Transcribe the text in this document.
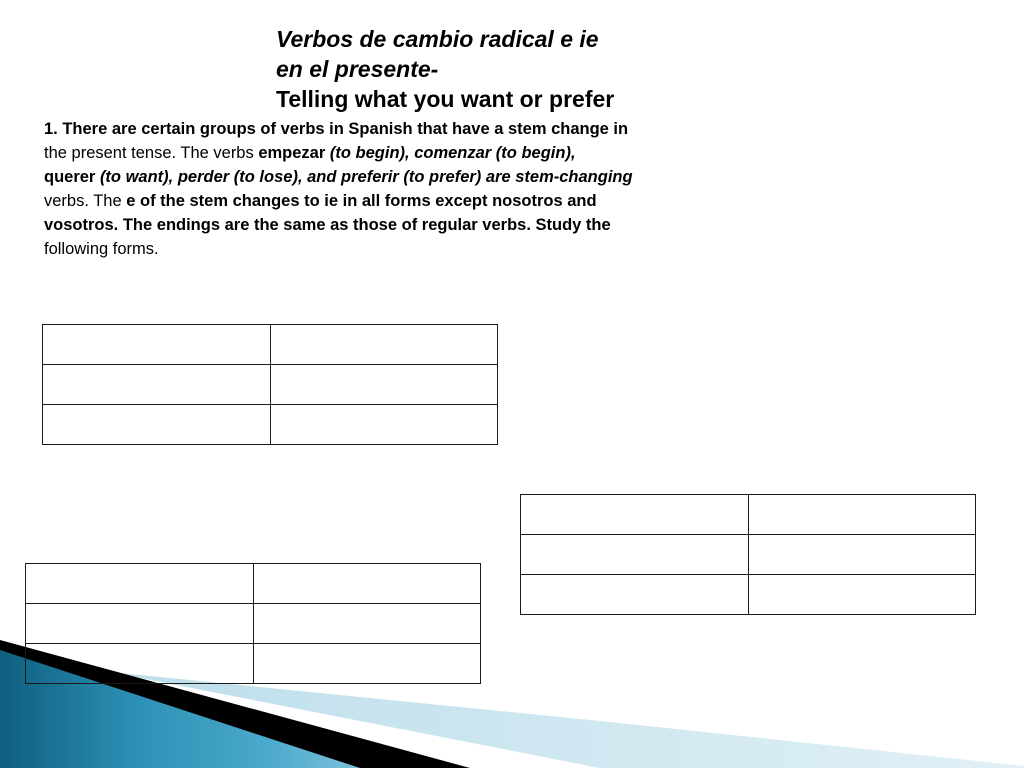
Verbos de cambio radical e ie
en el presente-
Telling what you want or prefer
1. There are certain groups of verbs in Spanish that have a stem change in
the present tense. The verbs empezar (to begin), comenzar (to begin),
querer (to want), perder (to lose), and preferir (to prefer) are stem-changing
verbs. The e of the stem changes to ie in all forms except nosotros and
vosotros. The endings are the same as those of regular verbs. Study the
following forms.
